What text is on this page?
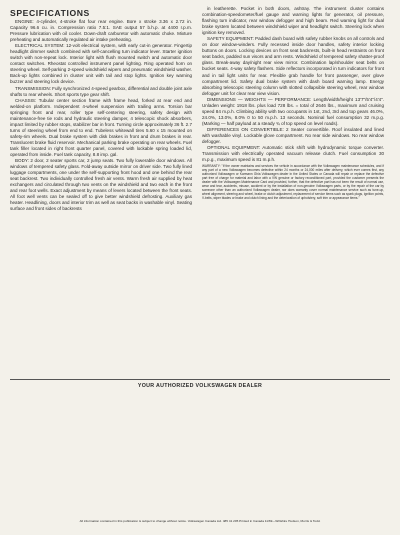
SPECIFICATIONS

ENGINE: 4-cylinder, 4-stroke flat four rear engine. Bore x stroke 3.36 x 2.72 in. Capacity 96.6 cu. in. Compression ratio 7.5:1. SAE output 57 b.h.p. at 4400 r.p.m. Pressure lubrication with oil cooler. Down-draft carburetor with automatic choke. Mixture preheating and automatically regulated air intake preheating.

ELECTRICAL SYSTEM: 12-volt electrical system, with early cut-in generator. Fingertip headlight dimmer switch combined with self-cancelling turn indicator lever. Starter ignition switch with non-repeat lock. Interior light with flush mounted switch and automatic door contact switches. Rheostat controlled instrument panel lighting. Ring operated horn on steering wheel. Self-parking 2-speed windshield wipers and pneumatic windshield washer. Back-up lights combined in cluster unit with tail and stop lights. Ignition key warning buzzer and steering lock device.

TRANSMISSION: Fully synchronized 4-speed gearbox, differential and double joint axle shafts to rear wheels. Short sports type gear shift.

CHASSIS: Tubular center section frame with frame head, forked at rear end and welded-on platform. Independent 4-wheel suspension with trailing arms. Torsion bar springing front and rear, roller type self-centering steering, safety design with maintenance-free tie rods and hydraulic steering damper, 4 telescopic shock absorbers, impact limited by rubber stops, stabilizer bar in front. Turning circle approximately 36 ft. 2.7 turns of steering wheel from end to end. Tubeless whitewall tires 5.60 x 15 mounted on safety-rim wheels. Dual brake system with disk brakes in front and drum brakes in rear. Translucent brake fluid reservoir. Mechanical parking brake operating on rear wheels. Fuel tank filler located in right front quarter panel, covered with lockable spring loaded lid, operated from inside. Fuel tank capacity, 8.8 imp. gal.

BODY: 2 door, 2 seater sports car, 2 jump seats. Two fully lowerable door windows. All windows of tempered safety glass. Fold-away outside mirror on driver side. Two fully lined luggage compartments, one under the self-supporting front hood and one behind the rear seat backrest. Two individually controlled fresh air vents. Warm fresh air supplied by heat exchangers and circulated through two vents on the windshield and two each in the front and rear foot wells. Exact adjustment by means of levers located between the front seats. All foot well vents can be sealed off to give better windshield defrosting. Auxiliary gas heater. Headlining, doors and interior trim as well as seat backs in washable vinyl. Seating surface and front sides of backrests

in leatherette. Pocket in both doors, ashtray. The instrument cluster contains combination-speedometer/fuel gauge and warning lights for generator, oil pressure, flashing turn indicator, rear window defogger and high beam. Red warning light for dual brake system located between windshield wiper and headlight switch. Steering lock when ignition key removed.

SAFETY EQUIPMENT: Padded dash board with safety rubber knobs on all controls and on door window-winders. Fully recessed inside door handles, safety interior locking buttons on doors. Locking devices on front seat backrests, built-in head restraints on front seat backs, padded sun visors and arm rests. Windshield of tempered safety shatter-proof glass. Break-away day/night rear view mirror. Combination lap/shoulder seat belts on bucket seats. 4-way safety flashers. Side reflectors incorporated in turn indicators for front and in tail light units for rear. Flexible grab handle for front passenger, over glove compartment lid. Safety dual brake system with dash board warning lamp. Energy absorbing telescopic steering column with slotted collapsible steering wheel, rear window defogger unit for clear rear view vision.

DIMENSIONS — WEIGHTS — PERFORMANCE: Length/width/height 13'7"/5'4"/4'4". Unladen weight: 1918 lbs. plus load 728 lbs. = total of 2646 lbs., maximum and cruising speed 84 m.p.h. Climbing ability with two occupants in 1st, 2nd, 3rd and top gears 46.0%, 24.0%, 13.0%, 8.0% 0 to 50 m.p.h. 13 seconds. Nominal fuel consumption 32 m.p.g. (Marking — half payload at a steady ¾ of top speed on level roads).

DIFFERENCES ON CONVERTIBLE: 2 Seater convertible. Roof insulated and lined with washable vinyl. Lockable glove compartment. No rear side windows. No rear window defogger.

OPTIONAL EQUIPMENT: Automatic stick shift with hydrodynamic torque converter. Transmission with electrically operated vacuum release clutch. Fuel consumption 30 m.p.g., maximum speed is 81 m.p.h.

WARRANTY: "If the owner maintains and services the vehicle in accordance with the Volkswagen maintenance schedules, and if any part of a new Volkswagen becomes defective within 24 months or 24,000 miles after delivery, which ever comes first, any authorized Volkswagen or Karmann Ghia Volkswagen dealer in the United States or Canada will repair or replace the defective part free of charge for material and labor with a VW genuine or factory reconditioned part, provided the customer presents the dealer with the Volkswagen Maintenance Card and provided, further, that the defective part has not been the result of normal use, wear and tear, accidents, misuse, accident or by the installation of non-genuine Volkswagen parts, or by the repair of the car by someone other than an authorized Volkswagen dealer, nor does warranty cover normal maintenance service such as tune-up, wheel alignment, steering and wheel, brake or clutch adjustment, replacement of service items such as spark plugs, ignition points, V-belts, wiper blades or brake and clutch lining and the deterioration of upholstery, soft trim or appearance items."

YOUR AUTHORIZED VOLKSWAGEN DEALER
All information contained in this publication is subject to change without notice. Volkswagen Canada Ltd. 485 41 205 Printed in Canada 11/69—Wiltshire Hudson, Morris & Todd.
